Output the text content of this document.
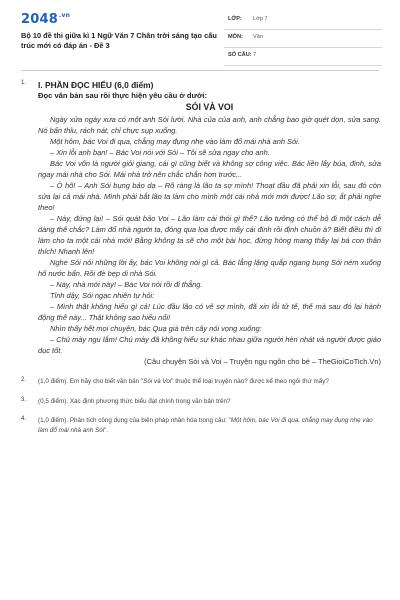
$2048^{.vn}$
Bộ 10 đề thi giữa kì 1 Ngữ Văn 7 Chân trời sáng tạo cấu trúc mới có đáp án - Đề 3
LỚP: Lớp 7
MÔN: Văn
SỐ CÂU: 7
1. I. PHẦN ĐỌC HIỂU (6,0 điểm)
Đọc văn bản sau rồi thực hiện yêu cầu ở dưới:
SÓI VÀ VOI

Ngày xửa ngày xưa có một anh Sói lười. Nhà của của anh, anh chẳng bao giờ quét dọn, sửa sang. Nó bẩn thỉu, rách nát, chỉ chực sụp xuống.

Một hôm, bác Voi đi qua, chẳng may đụng nhẹ vào làm đổ mái nhà anh Sói.

– Xin lỗi anh bạn! – Bác Voi nói với Sói – Tôi sẽ sửa ngay cho anh.

Bác Voi vốn là người giỏi giang, cái gì cũng biết và không sợ công việc. Bác liền lấy búa, đinh, sửa ngay mái nhà cho Sói. Mái nhà trở nên chắc chắn hơn trước...

– Ô hô! – Anh Sói bụng bảo dạ – Rõ ràng là lão ta sợ mình! Thoạt đầu đã phải xin lỗi, sau đó còn sửa lại cả mái nhà. Mình phải bắt lão ta làm cho mình một cái nhà mới mới được! Lão sợ, ắt phải nghe theo!

– Này, đứng lại! – Sói quát bảo Voi – Lão làm cái thói gì thế? Lão tưởng có thể bỏ đi một cách dễ dàng thế chắc? Làm đổ nhà người ta, đóng qua loa được mấy cái đinh rồi định chuồn à? Biết điều thì đi làm cho ta một cái nhà mới! Bằng không ta sẽ cho một bài học, đừng hòng mang thấy lại bá con thân thích! Nhanh lên!

Nghe Sói nói những lời ấy, bác Voi không nói gì cả. Bác lẳng lặng quắp ngang bụng Sói ném xuống hố nước bẩn. Rồi đè bẹp di nhà Sói.

– Này, nhà mới này! – Bác Voi nói rồi đi thẳng.

Tỉnh dậy, Sói ngạc nhiên tự hỏi:

– Mình thật không hiểu gì cả! Lúc đầu lão có vẻ sợ mình, đã xin lỗi tử tế, thế mà sau đó lại hành động thế này... Thật không sao hiểu nổi!

Nhìn thấy hết mọi chuyện, bác Quạ già trên cây nói vọng xuống:

– Chú mày ngu lắm! Chú mày đã không hiểu sự khác nhau giữa người hèn nhát và người được giáo dục tốt.

(Câu chuyện Sói và Voi – Truyện ngụ ngôn cho bé – TheGioiCoTich.Vn)

2. (1,0 điểm). Em hãy cho biết văn bản "Sói và Voi" thuộc thể loại truyện nào? được kể theo ngôi thứ mấy?
3. (0,5 điểm). Xác định phương thức biểu đạt chính trong văn bản trên?
4. (1,0 điểm). Phân tích công dụng của biện pháp nhân hóa trong câu: "Một hôm, bác Voi đi qua, chẳng may đụng nhẹ vào làm đổ mái nhà anh Sói".
